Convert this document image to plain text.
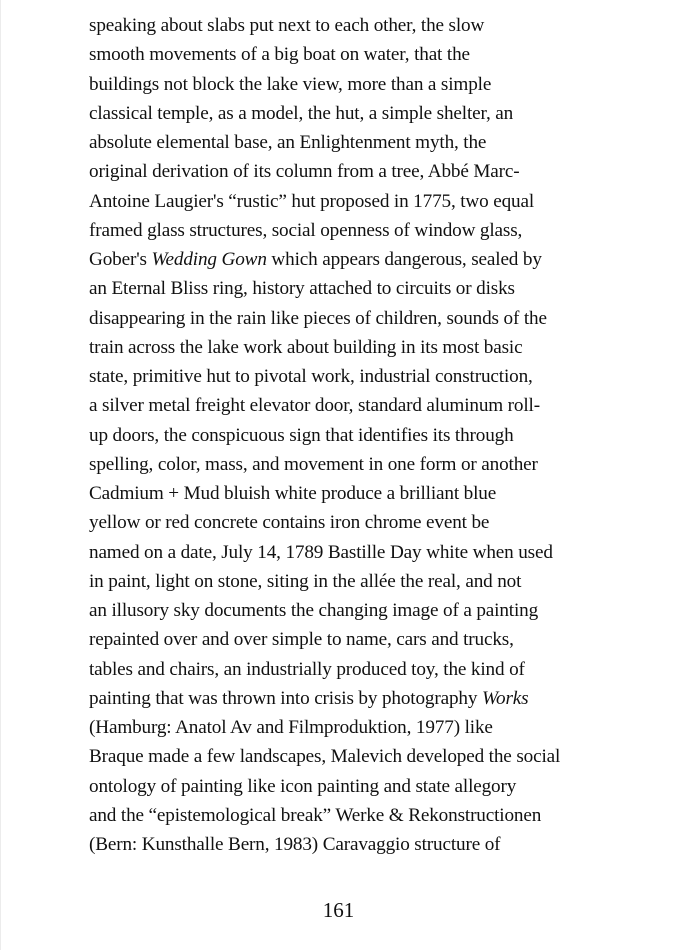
speaking about slabs put next to each other, the slow
smooth movements of a big boat on water, that the
buildings not block the lake view, more than a simple
classical temple, as a model, the hut, a simple shelter, an
absolute elemental base, an Enlightenment myth, the
original derivation of its column from a tree, Abbé Marc-
Antoine Laugier's “rustic” hut proposed in 1775, two equal
framed glass structures, social openness of window glass,
Gober's Wedding Gown which appears dangerous, sealed by
an Eternal Bliss ring, history attached to circuits or disks
disappearing in the rain like pieces of children, sounds of the
train across the lake work about building in its most basic
state, primitive hut to pivotal work, industrial construction,
a silver metal freight elevator door, standard aluminum roll-
up doors, the conspicuous sign that identifies its through
spelling, color, mass, and movement in one form or another
Cadmium + Mud bluish white produce a brilliant blue
yellow or red concrete contains iron chrome event be
named on a date, July 14, 1789 Bastille Day white when used
in paint, light on stone, siting in the allée the real, and not
an illusory sky documents the changing image of a painting
repainted over and over simple to name, cars and trucks,
tables and chairs, an industrially produced toy, the kind of
painting that was thrown into crisis by photography Works
(Hamburg: Anatol Av and Filmproduktion, 1977) like
Braque made a few landscapes, Malevich developed the social
ontology of painting like icon painting and state allegory
and the “epistemological break” Werke & Rekonstructionen
(Bern: Kunsthalle Bern, 1983) Caravaggio structure of
161
